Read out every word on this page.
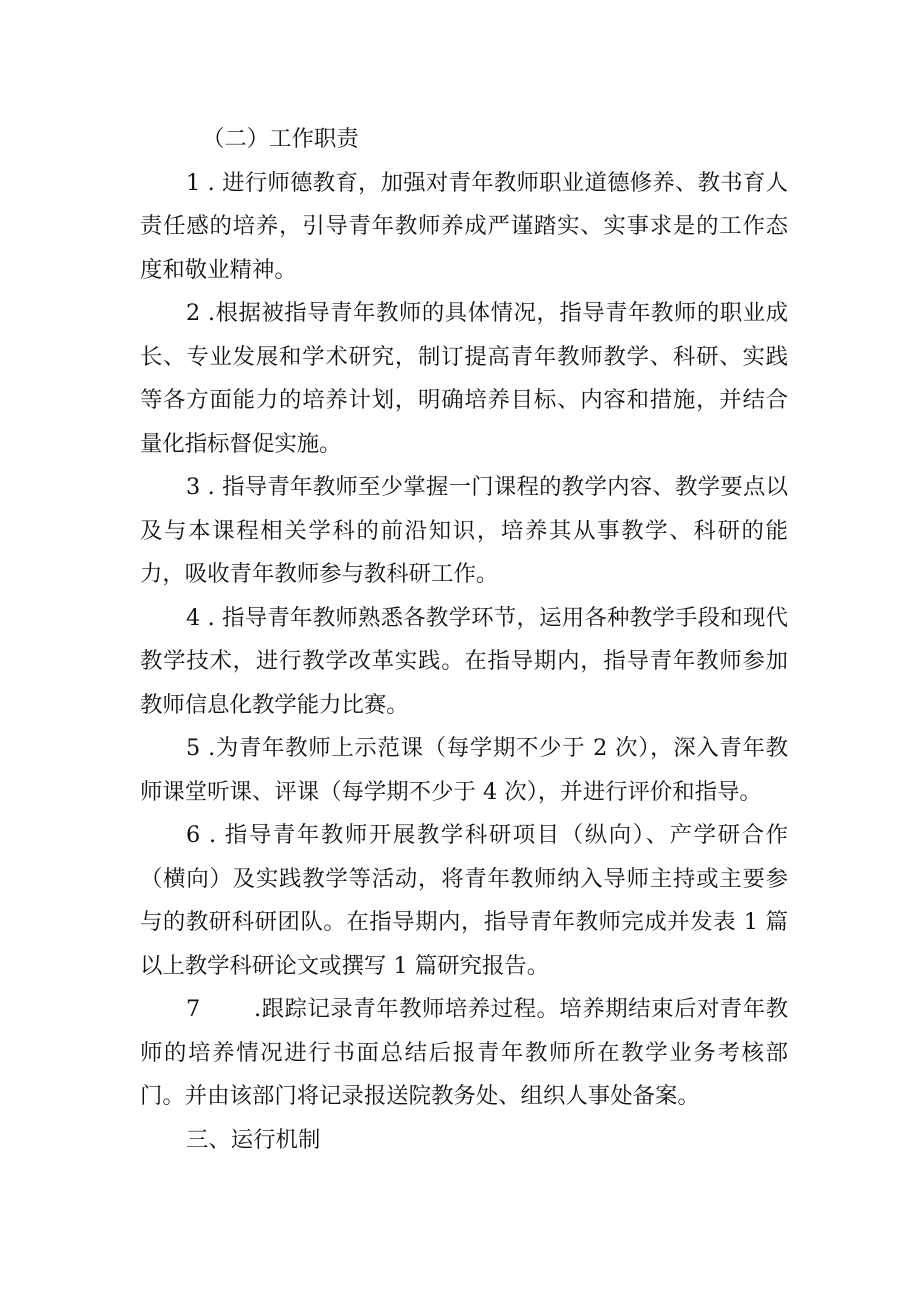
（二）工作职责

1 . 进行师德教育，加强对青年教师职业道德修养、教书育人责任感的培养，引导青年教师养成严谨踏实、实事求是的工作态度和敬业精神。

2 .根据被指导青年教师的具体情况，指导青年教师的职业成长、专业发展和学术研究，制订提高青年教师教学、科研、实践等各方面能力的培养计划，明确培养目标、内容和措施，并结合量化指标督促实施。

3 . 指导青年教师至少掌握一门课程的教学内容、教学要点以及与本课程相关学科的前沿知识，培养其从事教学、科研的能力，吸收青年教师参与教科研工作。

4 . 指导青年教师熟悉各教学环节，运用各种教学手段和现代教学技术，进行教学改革实践。在指导期内，指导青年教师参加教师信息化教学能力比赛。

5 .为青年教师上示范课（每学期不少于 2 次），深入青年教师课堂听课、评课（每学期不少于 4 次），并进行评价和指导。

6 . 指导青年教师开展教学科研项目（纵向）、产学研合作（横向）及实践教学等活动，将青年教师纳入导师主持或主要参与的教研科研团队。在指导期内，指导青年教师完成并发表 1 篇以上教学科研论文或撰写 1 篇研究报告。

7 .跟踪记录青年教师培养过程。培养期结束后对青年教师的培养情况进行书面总结后报青年教师所在教学业务考核部门。并由该部门将记录报送院教务处、组织人事处备案。

三、运行机制
